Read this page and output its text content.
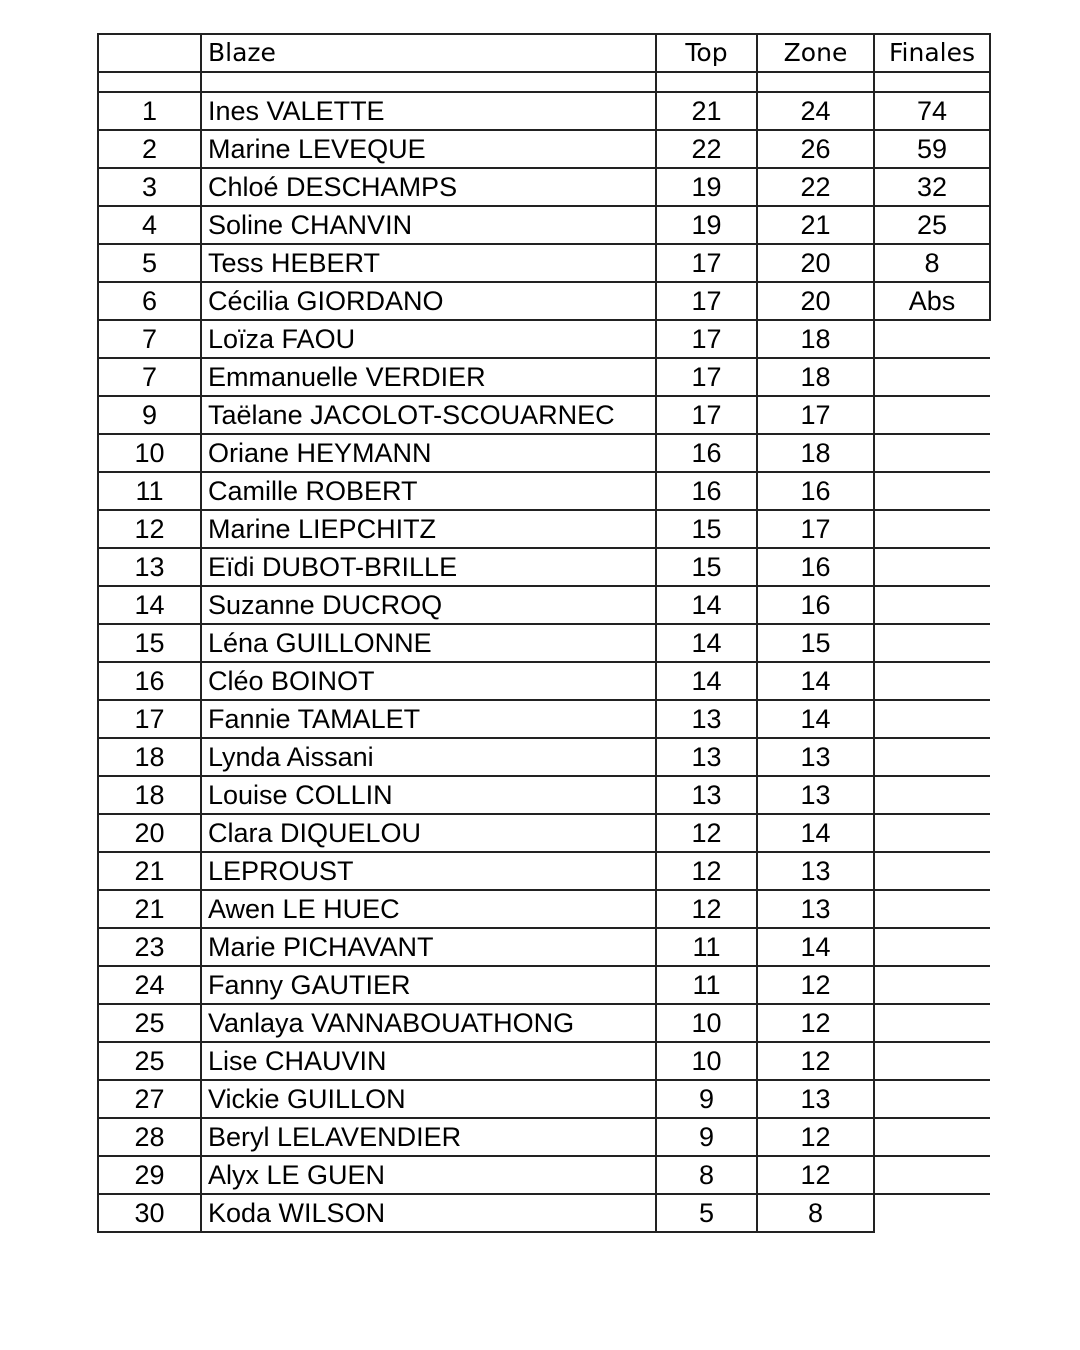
	Blaze	Top	Zone	Finales

1	Ines VALETTE	21	24	74
2	Marine LEVEQUE	22	26	59
3	Chloé DESCHAMPS	19	22	32
4	Soline CHANVIN	19	21	25
5	Tess HEBERT	17	20	8
6	Cécilia GIORDANO	17	20	Abs
7	Loïza FAOU	17	18	
7	Emmanuelle VERDIER	17	18	
9	Taëlane JACOLOT-SCOUARNEC	17	17	
10	Oriane HEYMANN	16	18	
11	Camille ROBERT	16	16	
12	Marine LIEPCHITZ	15	17	
13	Eïdi DUBOT-BRILLE	15	16	
14	Suzanne DUCROQ	14	16	
15	Léna GUILLONNE	14	15	
16	Cléo BOINOT	14	14	
17	Fannie TAMALET	13	14	
18	Lynda Aissani	13	13	
18	Louise COLLIN	13	13	
20	Clara DIQUELOU	12	14	
21	LEPROUST	12	13	
21	Awen LE HUEC	12	13	
23	Marie PICHAVANT	11	14	
24	Fanny GAUTIER	11	12	
25	Vanlaya VANNABOUATHONG	10	12	
25	Lise CHAUVIN	10	12	
27	Vickie GUILLON	9	13	
28	Beryl LELAVENDIER	9	12	
29	Alyx LE GUEN	8	12	
30	Koda WILSON	5	8	
